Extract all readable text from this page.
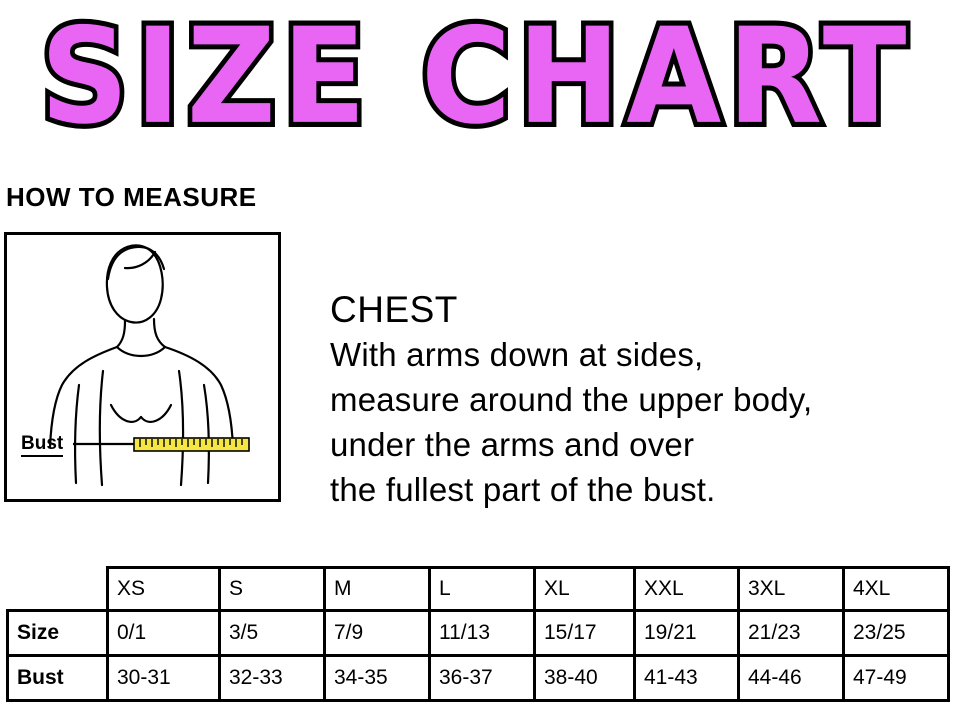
SIZE CHART
HOW TO MEASURE
Bust
CHEST
With arms down at sides,
measure around the upper body,
under the arms and over
the fullest part of the bust.
	XS	S	M	L	XL	XXL	3XL	4XL
Size	0/1	3/5	7/9	11/13	15/17	19/21	21/23	23/25
Bust	30-31	32-33	34-35	36-37	38-40	41-43	44-46	47-49
